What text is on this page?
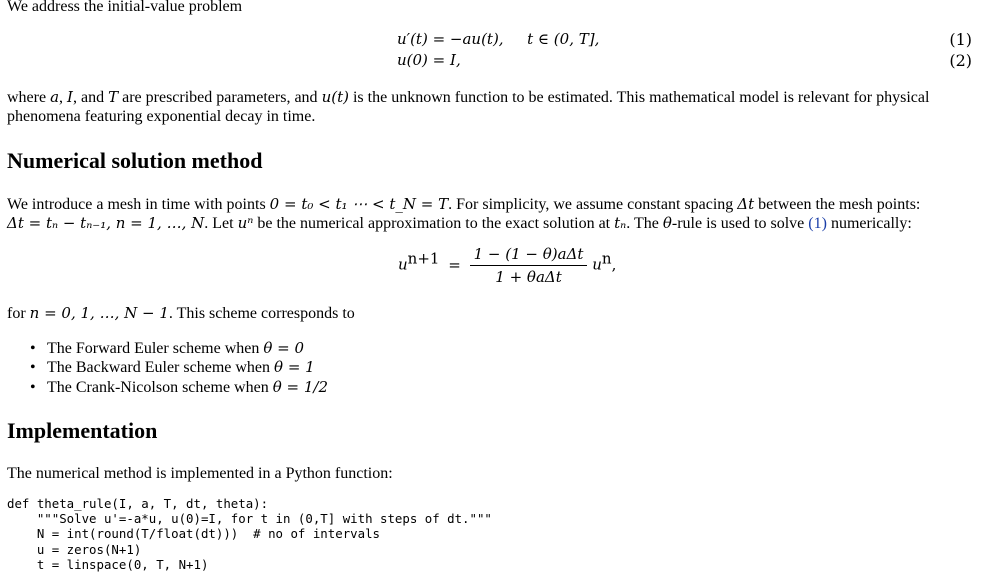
We address the initial-value problem

u′(t) = −au(t), t ∈ (0, T],	(1)
u(0) = I,	(2)

where a, I, and T are prescribed parameters, and u(t) is the unknown function to be estimated. This mathematical model is relevant for physical

phenomena featuring exponential decay in time.

Numerical solution method

We introduce a mesh in time with points 0 = t₀ < t₁ ⋯ < t_N = T. For simplicity, we assume constant spacing Δt between the mesh points:

Δt = tₙ − tₙ₋₁, n = 1, …, N. Let uⁿ be the numerical approximation to the exact solution at tₙ. The θ-rule is used to solve (1) numerically:

$u^{n+1} = \frac{\text{1 − (1 − θ)aΔt}}{\text{1 + θaΔt}} u^n$,

for n = 0, 1, …, N − 1. This scheme corresponds to

• The Forward Euler scheme when θ = 0
• The Backward Euler scheme when θ = 1
• The Crank-Nicolson scheme when θ = 1/2
Implementation

The numerical method is implemented in a Python function:

def theta_rule(I, a, T, dt, theta):
"""Solve u'=-a*u, u(0)=I, for t in (0,T] with steps of dt."""
N = int(round(T/float(dt)))  # no of intervals
u = zeros(N+1)
t = linspace(0, T, N+1)
